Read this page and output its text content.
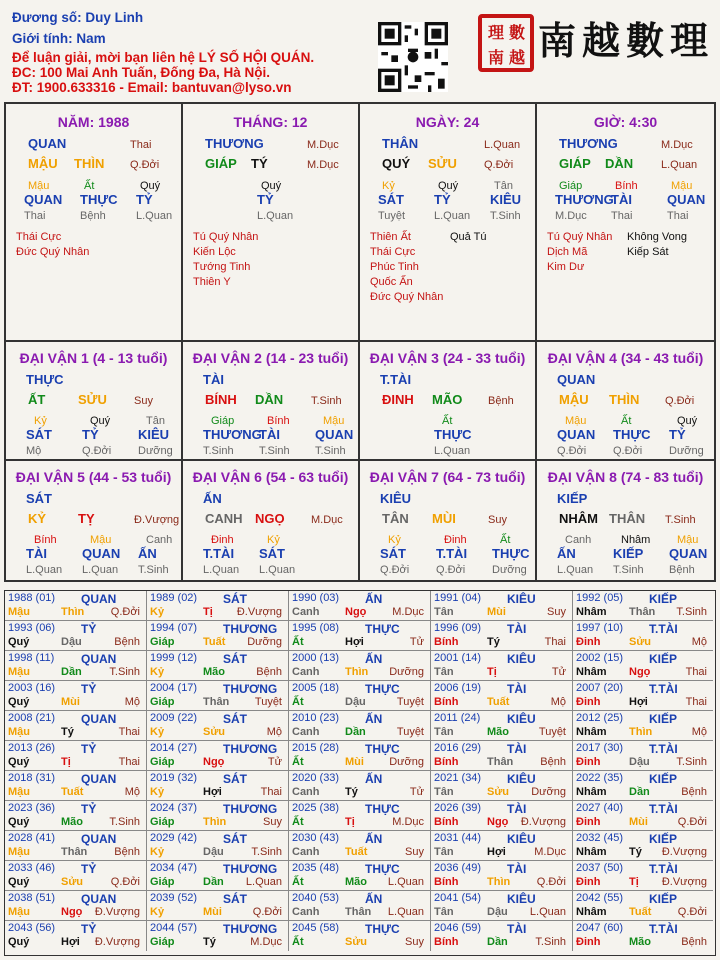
Đương số: Duy Linh
Giới tính: Nam
Để luận giải, mời bạn liên hệ LÝ SỐ HỘI QUÁN.
ĐC: 100 Mai Anh Tuấn, Đống Đa, Hà Nội.
ĐT: 1900.633316 - Email: bantuvan@lyso.vn
理 數
南 越 南越數理
NĂM: 1988
QUAN	Thai
MẬU THÌN Q.Đởi
Mậu	Ất	Quý
QUAN THỰC TỶ
Thai	Bệnh	L.Quan
Thái Cực
Đức Quý Nhân
THÁNG: 12
THƯƠNG	M.Dục
GIÁP TÝ	M.Dục
Quý
TỶ
L.Quan
Tú Quý Nhân
Kiến Lộc
Tướng Tinh
Thiên Y
NGÀY: 24
THÂN	L.Quan
QUÝ SỬU Q.Đởi
Kỷ	Quý	Tân
SÁT TỶ	KIÊU
Tuyệt	L.Quan T.Sinh
Thiên Ất
Thái Cực
Phúc Tinh
Quốc Ấn
Đức Quý Nhân
Quả Tú
GIỜ: 4:30
THƯƠNG	M.Dục
GIÁP DẦN	L.Quan
Giáp	Bính	Mậu
THƯƠNG
TÀI	QUAN
M.Dục Thai	Thai
Tú Quý Nhân
Dịch Mã
Kim Dư
Không Vong
Kiếp Sát
ĐẠI VẬN 1 (4 - 13 tuổi)
THỰC
ẤT	SỬU Suy
Kỷ	Quý	Tân
SÁT TỶ	KIÊU
Mộ	Q.Đởi Dưỡng
ĐẠI VẬN 2 (14 - 23 tuổi)
TÀI
BÍNH DẦN	T.Sinh
Giáp	Bính	Mậu
THƯƠNG
TÀI	QUAN
T.Sinh T.Sinh T.Sinh
ĐẠI VẬN 3 (24 - 33 tuổi)
T.TÀI
ĐINH MÃO Bệnh
Ất
THỰC
L.Quan
ĐẠI VẬN 4 (34 - 43 tuổi)
QUAN
MẬU THÌN Q.Đởi
Mậu	Ất	Quý
QUAN THỰC TỶ
Q.Đởi Q.Đởi Dưỡng
ĐẠI VẬN 5 (44 - 53 tuổi)
SÁT
KỶ TỴ	Đ.Vượng
Bính	Mậu	Canh
TÀI	QUAN ẤN
L.Quan L.Quan T.Sinh
ĐẠI VẬN 6 (54 - 63 tuổi)
ẤN
CANH NGỌ M.Dục
Đinh	Kỷ
T.TÀI SÁT
L.Quan L.Quan
ĐẠI VẬN 7 (64 - 73 tuổi)
KIÊU
TÂN MÙI	Suy
Kỷ	Đinh	Ất
SÁT T.TÀI THỰC
Q.Đởi Q.Đởi Dưỡng
ĐẠI VẬN 8 (74 - 83 tuổi)
KIẾP
NHÂM THÂN T.Sinh
Canh	Nhâm Mậu
ẤN	KIẾP QUAN
L.Quan T.Sinh Bệnh
1988 (01) QUAN
Mậu	Thìn Q.Đởi
1989 (02) SÁT
Kỷ	Tị Đ.Vượng
1990 (03) ẤN
Canh Ngọ M.Dục
1991 (04) KIÊU
Tân	Mùi	Suy
1992 (05) KIẾP
Nhâm Thân T.Sinh
1993 (06) TỶ
Quý	Dậu	Bệnh
1994 (07) THƯƠNG
Giáp	Tuất Dưỡng
1995 (08) THỰC
Ất	Hợi	Tử
1996 (09) TÀI
Bính	Tý	Thai
1997 (10) T.TÀI
Đinh	Sửu	Mộ
1998 (11) QUAN
Mậu	Dần	T.Sinh
1999 (12) SÁT
Kỷ	Mão	Bệnh
2000 (13) ẤN
Canh Thìn Dưỡng
2001 (14) KIÊU
Tân	Tị	Tử
2002 (15) KIẾP
Nhâm Ngọ	Thai
2003 (16) TỶ
Quý	Mùi	Mộ
2004 (17) THƯƠNG
Giáp	Thân Tuyệt
2005 (18) THỰC
Ất	Dậu	Tuyệt
2006 (19) TÀI
Bính	Tuất	Mộ
2007 (20) T.TÀI
Đinh	Hợi	Thai
2008 (21) QUAN
Mậu	Tý	Thai
2009 (22) SÁT
Kỷ	Sửu	Mộ
2010 (23) ẤN
Canh Dần	Tuyệt
2011 (24) KIÊU
Tân	Mão	Tuyệt
2012 (25) KIẾP
Nhâm Thìn	Mộ
2013 (26) TỶ
Quý	Tị	Thai
2014 (27) THƯƠNG
Giáp	Ngọ	Tử
2015 (28) THỰC
Ất	Mùi Dưỡng
2016 (29) TÀI
Bính	Thân Bệnh
2017 (30) T.TÀI
Đinh	Dậu T.Sinh
2018 (31) QUAN
Mậu	Tuất	Mộ
2019 (32) SÁT
Kỷ	Hợi	Thai
2020 (33) ẤN
Canh Tý	Tử
2021 (34) KIÊU
Tân	Sửu Dưỡng
2022 (35) KIẾP
Nhâm Dần	Bệnh
2023 (36) TỶ
Quý	Mão T.Sinh
2024 (37) THƯƠNG
Giáp	Thìn	Suy
2025 (38) THỰC
Ất	Tị	M.Dục
2026 (39) TÀI
Bính	Ngọ Đ.Vượng
2027 (40) T.TÀI
Đinh	Mùi	Q.Đởi
2028 (41) QUAN
Mậu	Thân Bệnh
2029 (42) SÁT
Kỷ	Dậu	T.Sinh
2030 (43) ẤN
Canh Tuất	Suy
2031 (44) KIÊU
Tân	Hợi	M.Dục
2032 (45) KIẾP
Nhâm Tý Đ.Vượng
2033 (46) TỶ
Quý	Sửu	Q.Đởi
2034 (47) THƯƠNG
Giáp	Dần L.Quan
2035 (48) THỰC
Ất	Mão L.Quan
2036 (49) TÀI
Bính	Thìn Q.Đởi
2037 (50) T.TÀI
Đinh	Tị Đ.Vượng
2038 (51) QUAN
Mậu	Ngọ Đ.Vượng
2039 (52) SÁT
Kỷ	Mùi	Q.Đởi
2040 (53) ẤN
Canh Thân L.Quan
2041 (54) KIÊU
Tân	Dậu L.Quan
2042 (55) KIẾP
Nhâm Tuất Q.Đởi
2043 (56) TỶ
Quý	Hợi Đ.Vượng
2044 (57) THƯƠNG
Giáp	Tý	M.Dục
2045 (58) THỰC
Ất	Sửu	Suy
2046 (59) TÀI
Bính	Dần	T.Sinh
2047 (60) T.TÀI
Đinh	Mão	Bệnh
